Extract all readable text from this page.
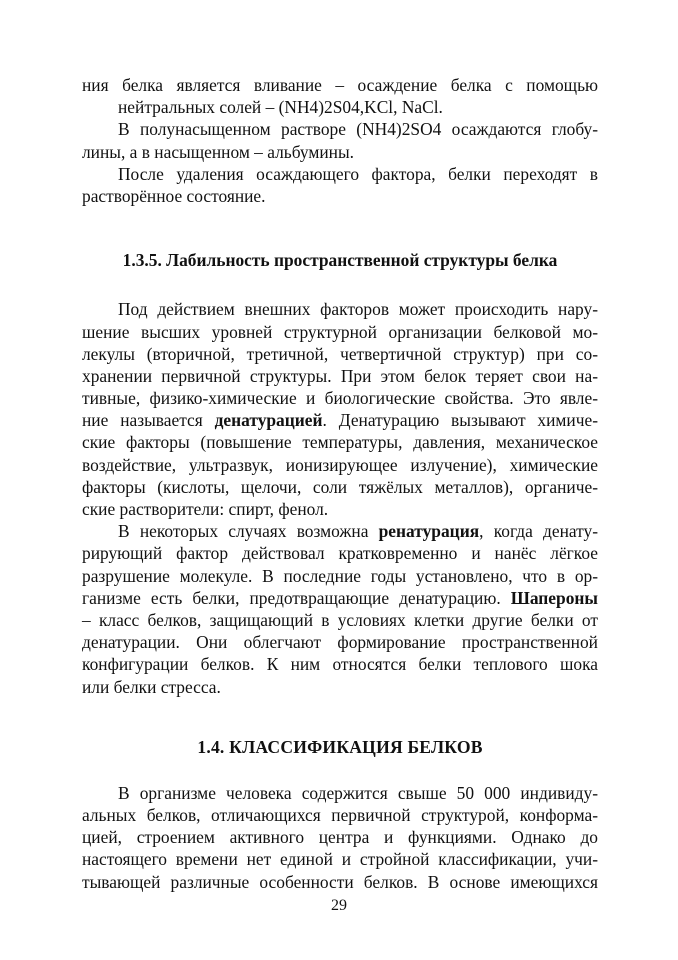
ния белка является вливание – осаждение белка с помощью
нейтральных солей – (NH4)2S04,KCl, NaCl.
В полунасыщенном растворе (NH4)2SO4 осаждаются глобу-
лины, а в насыщенном – альбумины.
После удаления осаждающего фактора, белки переходят в
растворённое состояние.
1.3.5. Лабильность пространственной структуры белка
Под действием внешних факторов может происходить нару-
шение высших уровней структурной организации белковой мо-
лекулы (вторичной, третичной, четвертичной структур) при со-
хранении первичной структуры. При этом белок теряет свои на-
тивные, физико-химические и биологические свойства. Это явле-
ние называется денатурацией. Денатурацию вызывают химиче-
ские факторы (повышение температуры, давления, механическое
воздействие, ультразвук, ионизирующее излучение), химические
факторы (кислоты, щелочи, соли тяжёлых металлов), органиче-
ские растворители: спирт, фенол.
В некоторых случаях возможна ренатурация, когда денату-
рирующий фактор действовал кратковременно и нанёс лёгкое
разрушение молекуле. В последние годы установлено, что в ор-
ганизме есть белки, предотвращающие денатурацию. Шапероны
– класс белков, защищающий в условиях клетки другие белки от
денатурации. Они облегчают формирование пространственной
конфигурации белков. К ним относятся белки теплового шока
или белки стресса.
1.4. КЛАССИФИКАЦИЯ БЕЛКОВ
В организме человека содержится свыше 50 000 индивиду-
альных белков, отличающихся первичной структурой, конформа-
цией, строением активного центра и функциями. Однако до
настоящего времени нет единой и стройной классификации, учи-
тывающей различные особенности белков. В основе имеющихся
29
